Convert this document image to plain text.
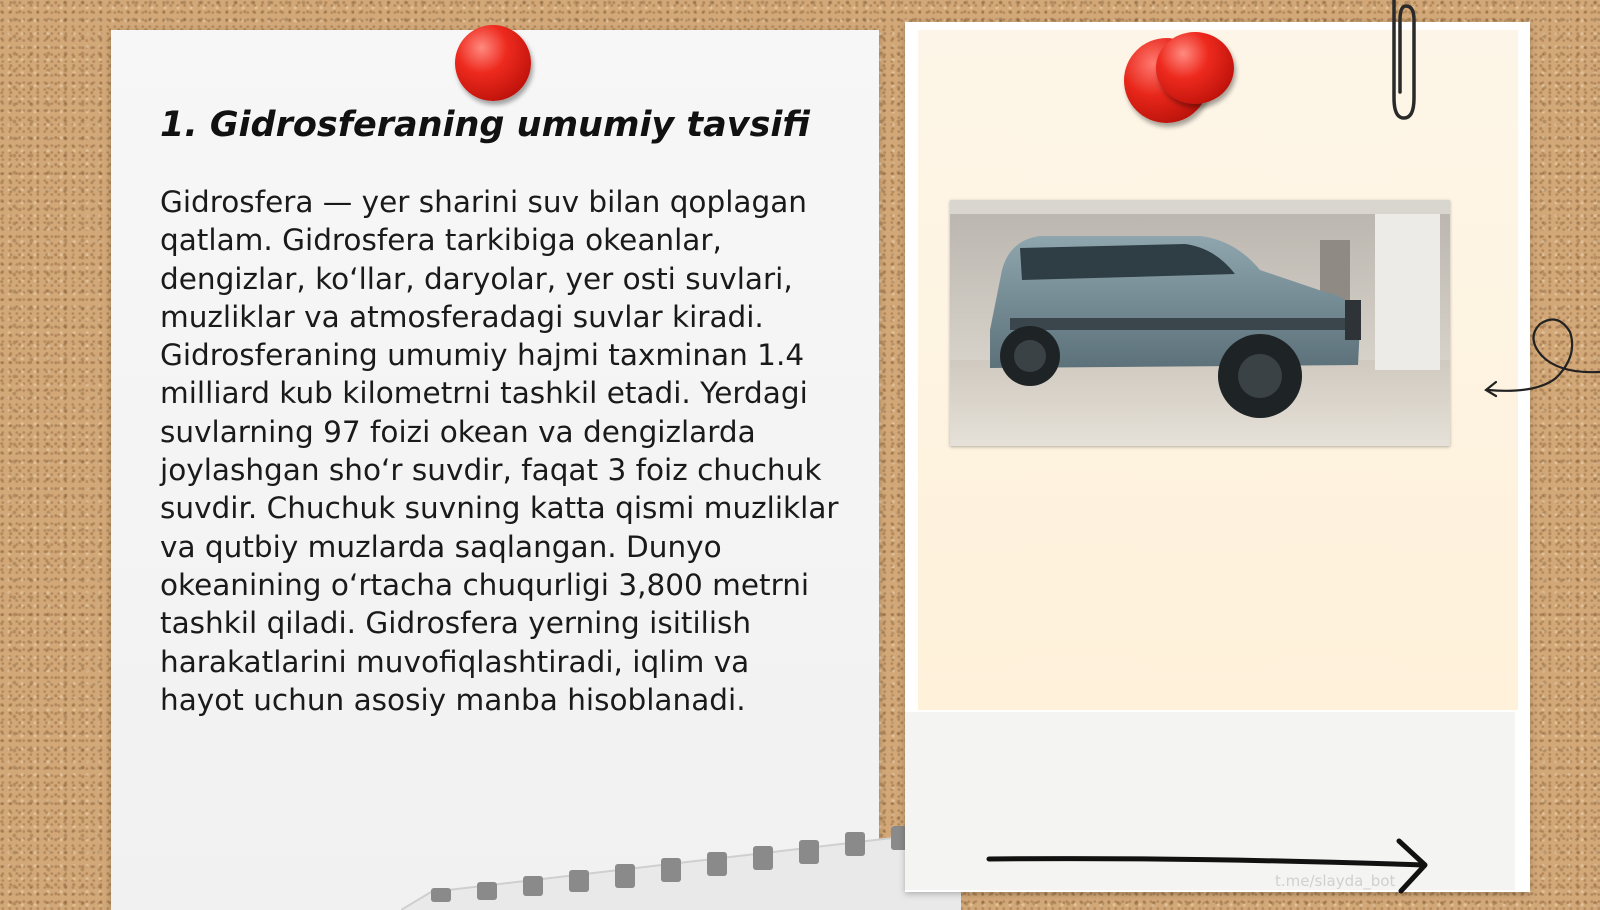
1. Gidrosferaning umumiy tavsifi

Gidrosfera — yer sharini suv bilan qoplagan qatlam. Gidrosfera tarkibiga okeanlar, dengizlar, ko‘llar, daryolar, yer osti suvlari, muzliklar va atmosferadagi suvlar kiradi. Gidrosferaning umumiy hajmi taxminan 1.4 milliard kub kilometrni tashkil etadi. Yerdagi suvlarning 97 foizi okean va dengizlarda joylashgan sho‘r suvdir, faqat 3 foiz chuchuk suvdir. Chuchuk suvning katta qismi muzliklar va qutbiy muzlarda saqlangan. Dunyo okeanining o‘rtacha chuqurligi 3,800 metrni tashkil qiladi. Gidrosfera yerning isitilish harakatlarini muvofiqlashtiradi, iqlim va hayot uchun asosiy manba hisoblanadi.

t.me/slayda_bot
